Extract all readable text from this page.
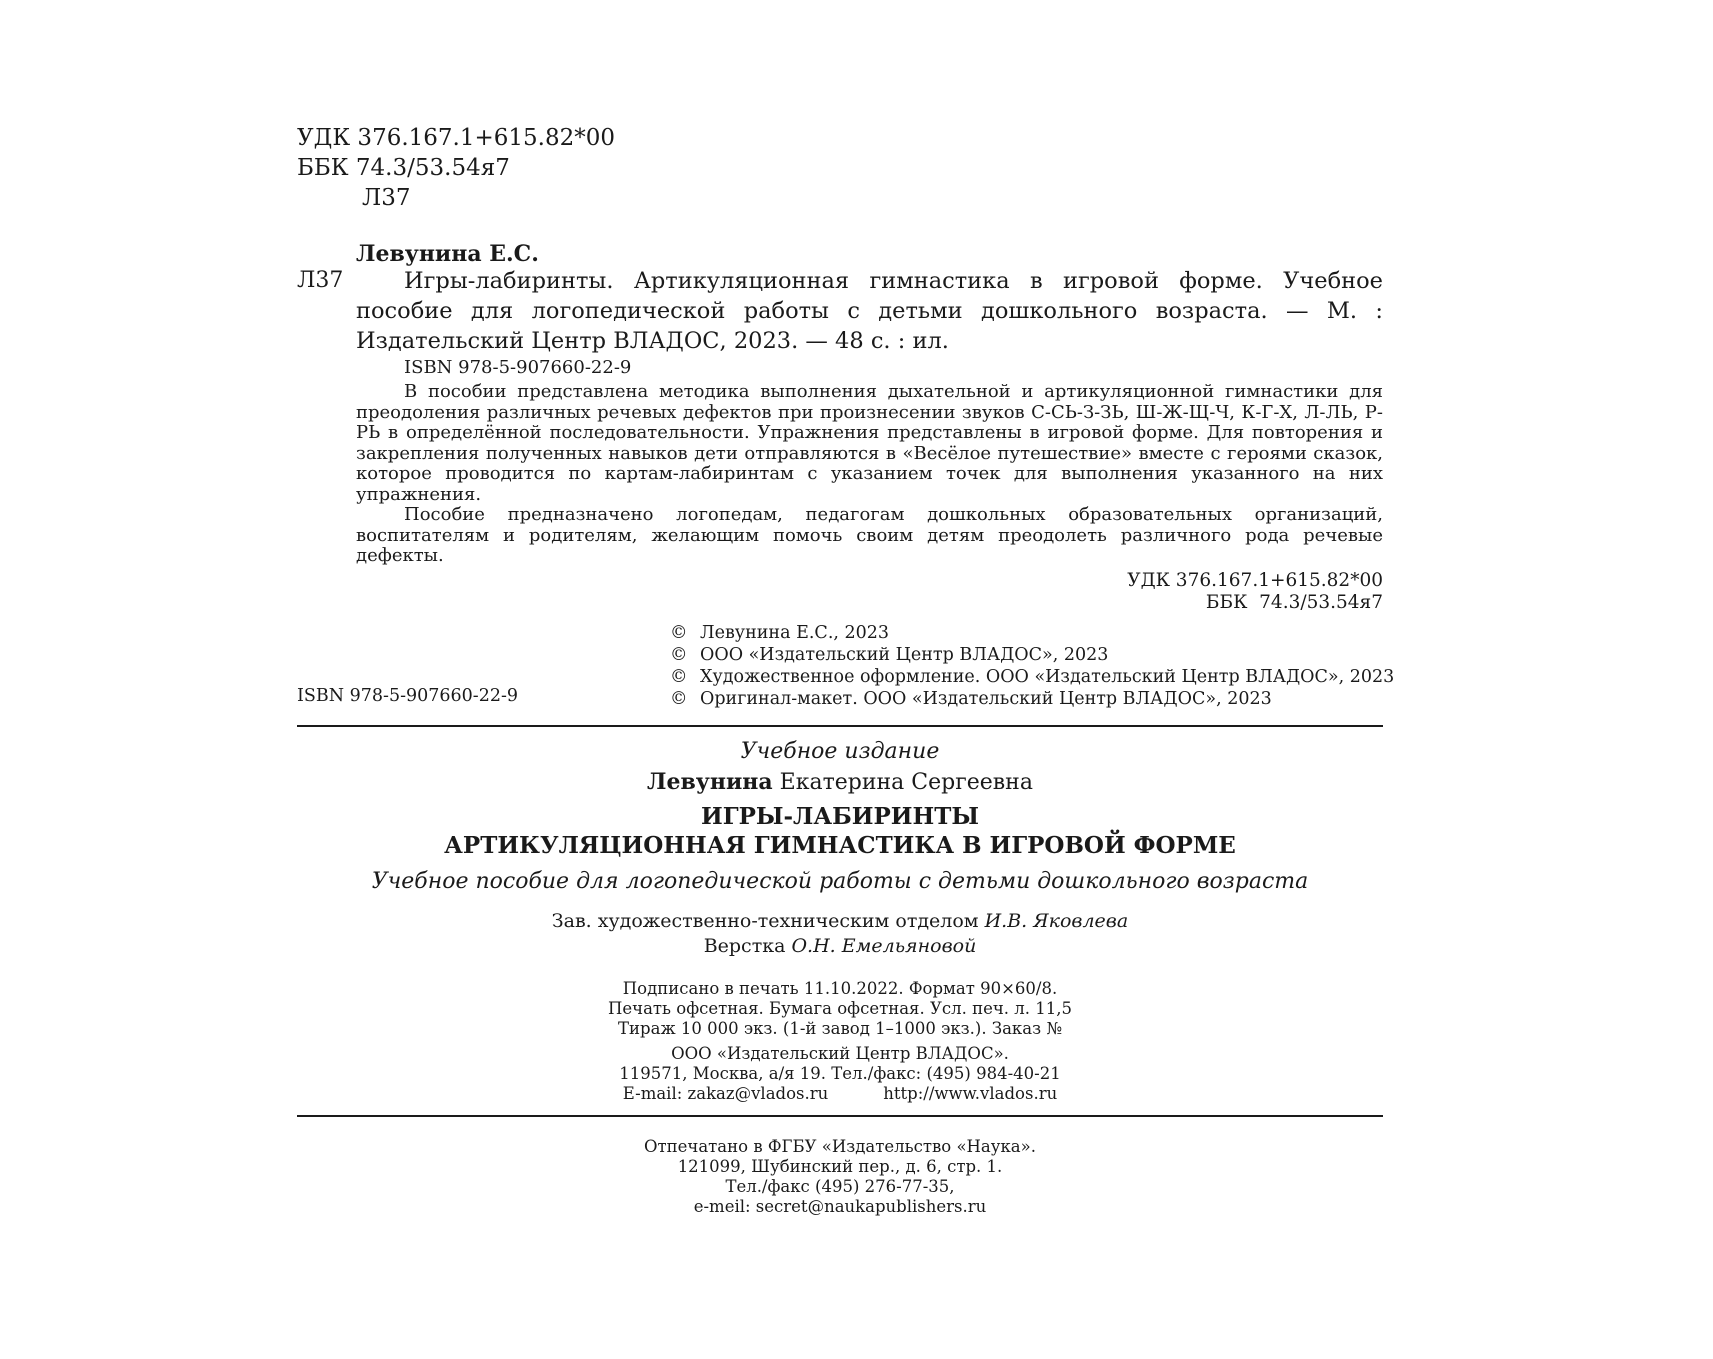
УДК 376.167.1+615.82*00
ББК 74.3/53.54я7
Л37
Левунина Е.С.
Л37	Игры-лабиринты. Артикуляционная гимнастика в игровой форме. Учебное пособие для логопедической работы с детьми дошкольного возраста. — М. : Издательский Центр ВЛАДОС, 2023. — 48 с. : ил.
ISBN 978-5-907660-22-9

В пособии представлена методика выполнения дыхательной и артикуляционной гимнастики для преодоления различных речевых дефектов при произнесении звуков С-СЬ-З-ЗЬ, Ш-Ж-Щ-Ч, К-Г-Х, Л-ЛЬ, Р-РЬ в определённой последовательности. Упражнения представлены в игровой форме. Для повторения и закрепления полученных навыков дети отправляются в «Весёлое путешествие» вместе с героями сказок, которое проводится по картам-лабиринтам с указанием точек для выполнения указанного на них упражнения.

Пособие предназначено логопедам, педагогам дошкольных образовательных организаций, воспитателям и родителям, желающим помочь своим детям преодолеть различного рода речевые дефекты.

УДК 376.167.1+615.82*00
ББК  74.3/53.54я7
© Левунина Е.С., 2023
© ООО «Издательский Центр ВЛАДОС», 2023
© Художественное оформление. ООО «Издательский Центр ВЛАДОС», 2023
© Оригинал-макет. ООО «Издательский Центр ВЛАДОС», 2023
ISBN 978-5-907660-22-9
Учебное издание
Левунина Екатерина Сергеевна
ИГРЫ-ЛАБИРИНТЫ
АРТИКУЛЯЦИОННАЯ ГИМНАСТИКА В ИГРОВОЙ ФОРМЕ
Учебное пособие для логопедической работы с детьми дошкольного возраста
Зав. художественно-техническим отделом И.В. Яковлева
Верстка О.Н. Емельяновой
Подписано в печать 11.10.2022. Формат 90×60/8.
Печать офсетная. Бумага офсетная. Усл. печ. л. 11,5
Тираж 10 000 экз. (1-й завод 1–1000 экз.). Заказ №
ООО «Издательский Центр ВЛАДОС».
119571, Москва, а/я 19. Тел./факс: (495) 984-40-21
E-mail: zakaz@vlados.ru	http://www.vlados.ru
Отпечатано в ФГБУ «Издательство «Наука».
121099, Шубинский пер., д. 6, стр. 1.
Тел./факс (495) 276-77-35,
e-meil: secret@naukapublishers.ru
